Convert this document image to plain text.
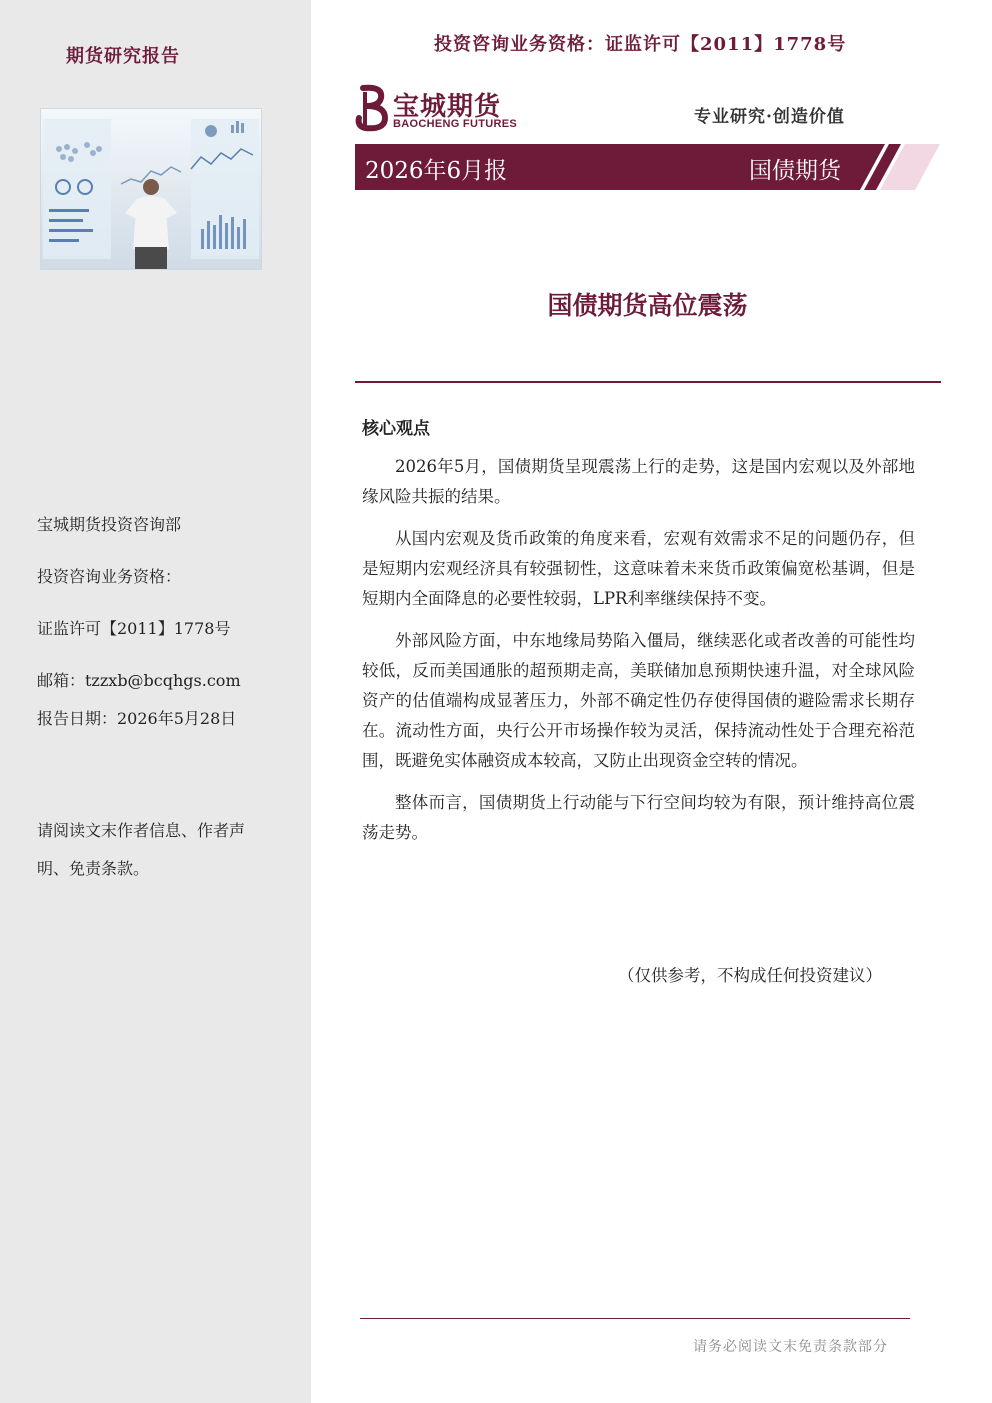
期货研究报告
宝城期货投资咨询部
投资咨询业务资格：
证监许可【2011】1778号
邮箱：tzzxb@bcqhgs.com
报告日期：2026年5月28日
请阅读文末作者信息、作者声
明、免责条款。
投资咨询业务资格：证监许可【2011】1778号
宝城期货
BAOCHENG FUTURES	专业研究·创造价值
2026年6月报	国债期货
国债期货高位震荡
核心观点

2026年5月，国债期货呈现震荡上行的走势，这是国内宏观以及外部地缘风险共振的结果。

从国内宏观及货币政策的角度来看，宏观有效需求不足的问题仍存，但是短期内宏观经济具有较强韧性，这意味着未来货币政策偏宽松基调，但是短期内全面降息的必要性较弱，LPR利率继续保持不变。

外部风险方面，中东地缘局势陷入僵局，继续恶化或者改善的可能性均较低，反而美国通胀的超预期走高，美联储加息预期快速升温，对全球风险资产的估值端构成显著压力，外部不确定性仍存使得国债的避险需求长期存在。流动性方面，央行公开市场操作较为灵活，保持流动性处于合理充裕范围，既避免实体融资成本较高，又防止出现资金空转的情况。

整体而言，国债期货上行动能与下行空间均较为有限，预计维持高位震荡走势。

（仅供参考，不构成任何投资建议）
请务必阅读文末免责条款部分
